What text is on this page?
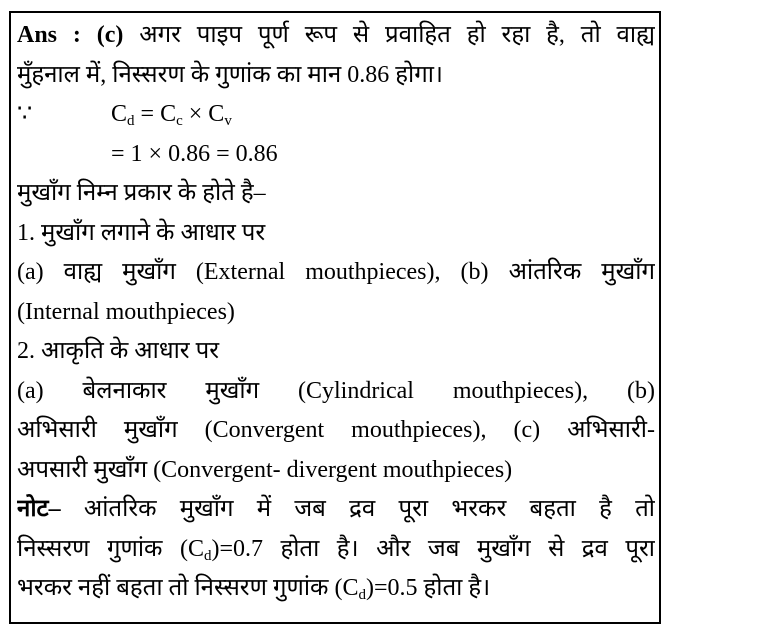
Ans : (c) अगर पाइप पूर्ण रूप से प्रवाहित हो रहा है, तो वाह्य
मुँहनाल में, निस्सरण के गुणांक का मान 0.86 होगा।
∵	$C_d = C_c \times C_v$
= 1 × 0.86 = 0.86
मुखाँग निम्न प्रकार के होते है–
1. मुखाँग लगाने के आधार पर
(a) वाह्य मुखाँग (External mouthpieces), (b) आंतरिक मुखाँग
(Internal mouthpieces)
2. आकृति के आधार पर
(a) बेलनाकार मुखाँग (Cylindrical mouthpieces), (b)
अभिसारी मुखाँग (Convergent mouthpieces), (c) अभिसारी-
अपसारी मुखाँग (Convergent- divergent mouthpieces)
नोट– आंतरिक मुखाँग में जब द्रव पूरा भरकर बहता है तो
निस्सरण गुणांक $(C_d)=0.7$ होता है। और जब मुखाँग से द्रव पूरा
भरकर नहीं बहता तो निस्सरण गुणांक $(C_d)=0.5$ होता है।
